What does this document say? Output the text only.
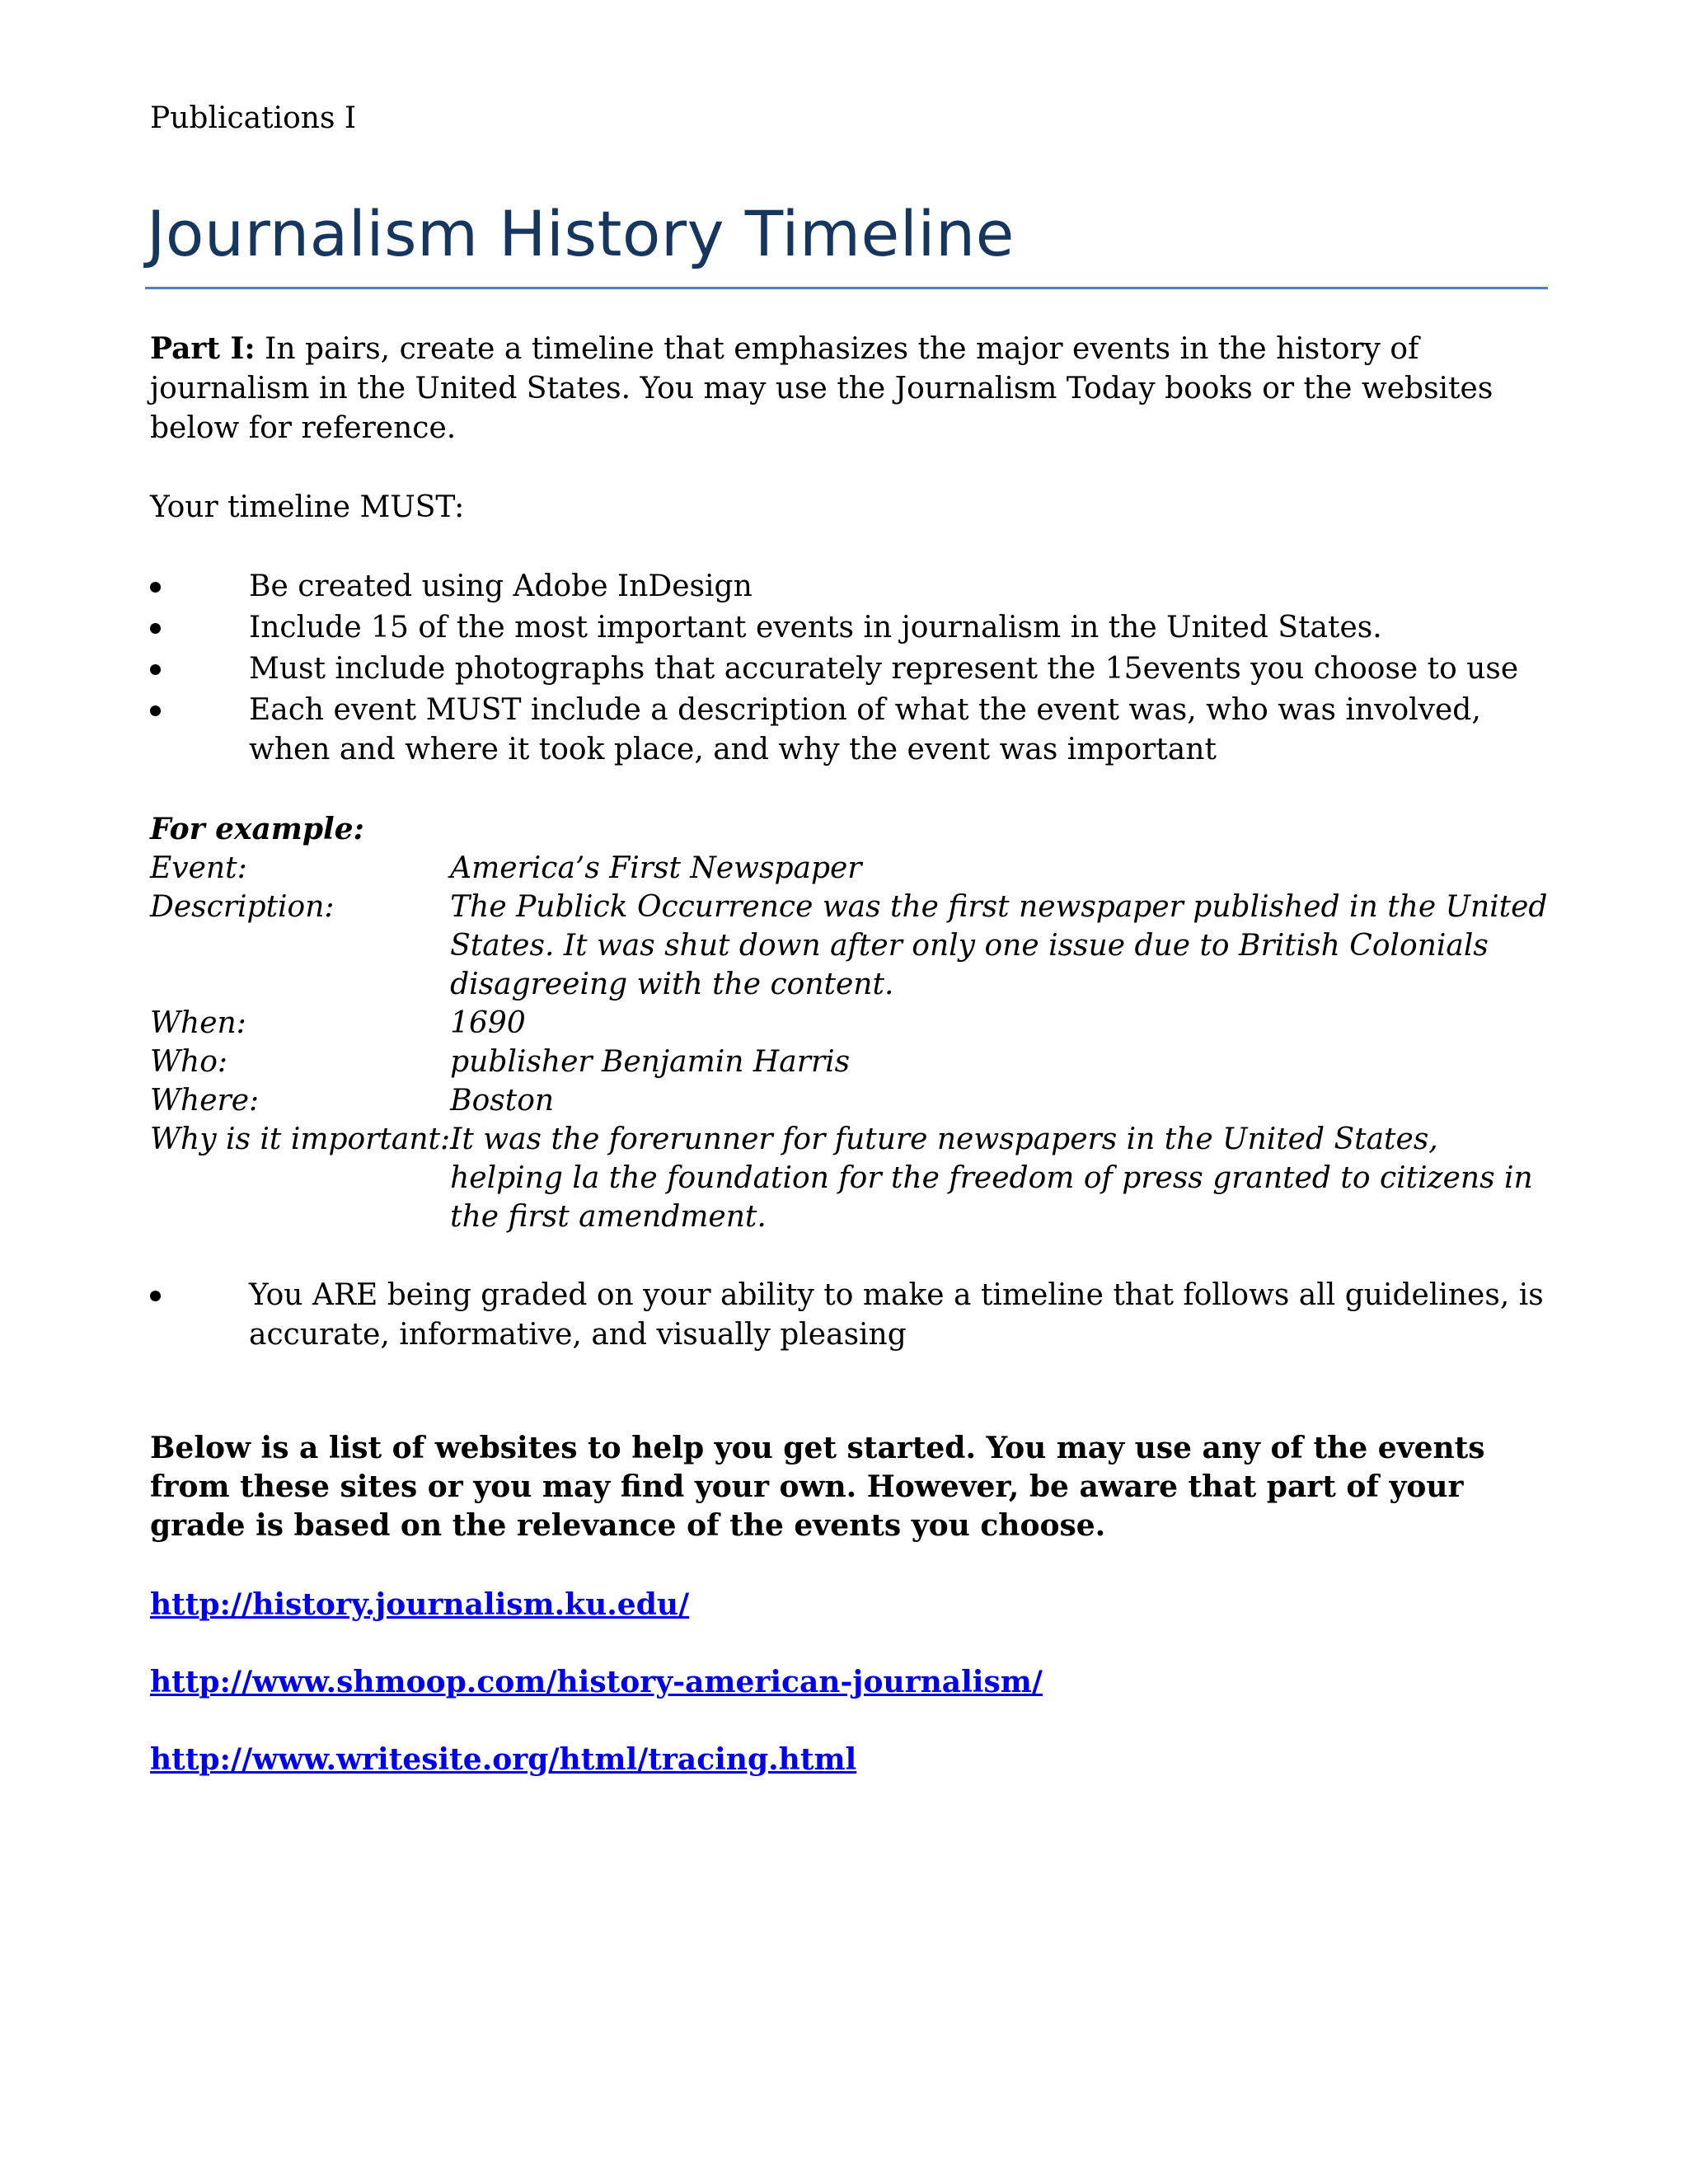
Publications I

Journalism History Timeline

Part I: In pairs, create a timeline that emphasizes the major events in the history of journalism in the United States. You may use the Journalism Today books or the websites below for reference.

Your timeline MUST:

Be created using Adobe InDesign
Include 15 of the most important events in journalism in the United States.
Must include photographs that accurately represent the 15events you choose to use
Each event MUST include a description of what the event was, who was involved, when and where it took place, and why the event was important

For example:

Event:	America’s First Newspaper
Description:	The Publick Occurrence was the first newspaper published in the United States. It was shut down after only one issue due to British Colonials disagreeing with the content.
When:	1690
Who:	publisher Benjamin Harris
Where:	Boston
Why is it important:	It was the forerunner for future newspapers in the United States, helping la the foundation for the freedom of press granted to citizens in the first amendment.
You ARE being graded on your ability to make a timeline that follows all guidelines, is accurate, informative, and visually pleasing

Below is a list of websites to help you get started. You may use any of the events from these sites or you may find your own. However, be aware that part of your grade is based on the relevance of the events you choose.

http://history.journalism.ku.edu/
http://www.shmoop.com/history-american-journalism/
http://www.writesite.org/html/tracing.html
